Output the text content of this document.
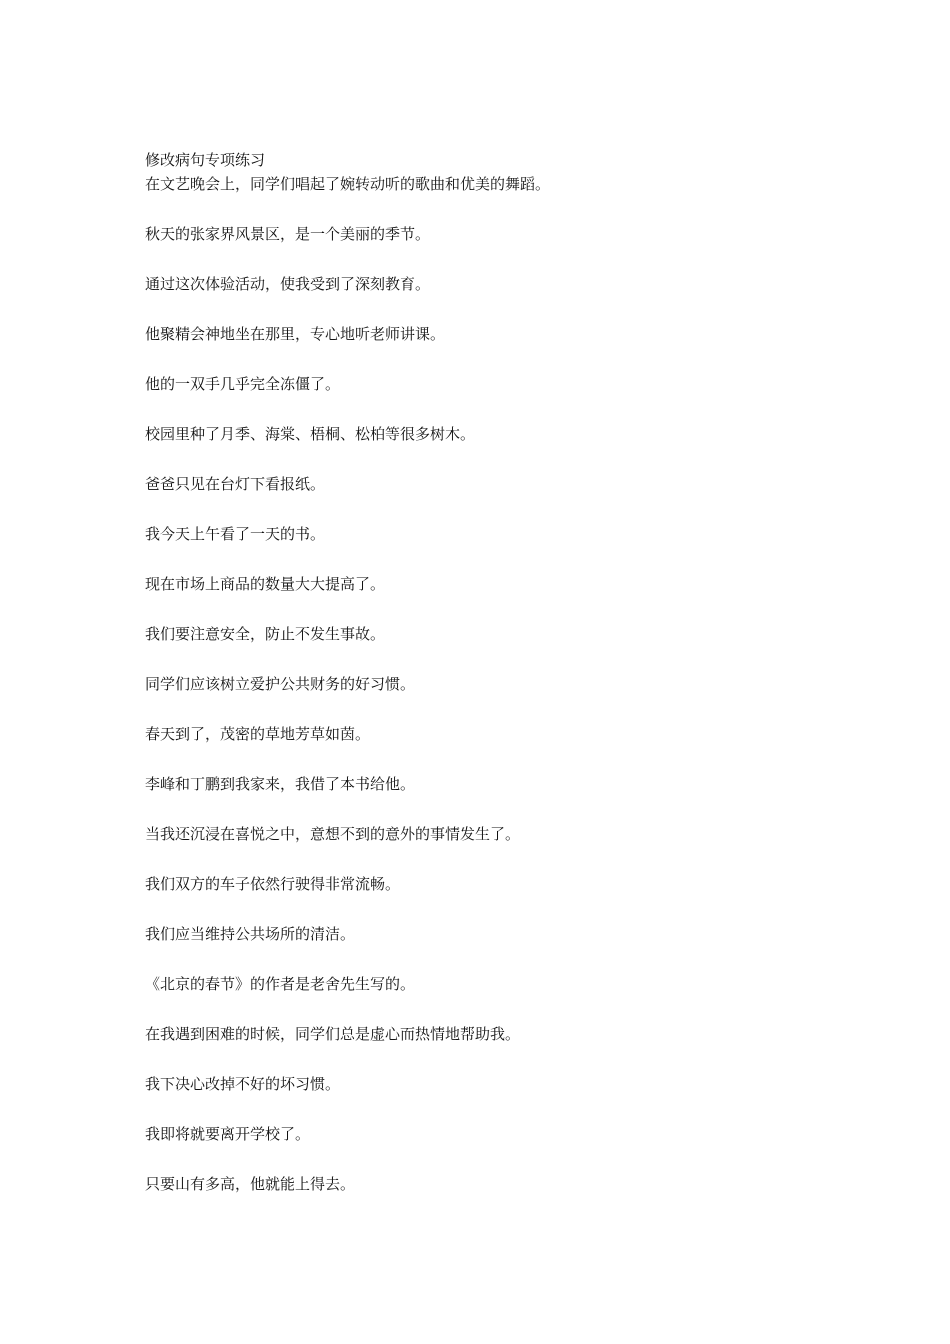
修改病句专项练习

在文艺晚会上，同学们唱起了婉转动听的歌曲和优美的舞蹈。
秋天的张家界风景区，是一个美丽的季节。
通过这次体验活动，使我受到了深刻教育。
他聚精会神地坐在那里，专心地听老师讲课。
他的一双手几乎完全冻僵了。
校园里种了月季、海棠、梧桐、松柏等很多树木。
爸爸只见在台灯下看报纸。
我今天上午看了一天的书。
现在市场上商品的数量大大提高了。
我们要注意安全，防止不发生事故。
同学们应该树立爱护公共财务的好习惯。
春天到了，茂密的草地芳草如茵。
李峰和丁鹏到我家来，我借了本书给他。
当我还沉浸在喜悦之中，意想不到的意外的事情发生了。
我们双方的车子依然行驶得非常流畅。
我们应当维持公共场所的清洁。
《北京的春节》的作者是老舍先生写的。
在我遇到困难的时候，同学们总是虚心而热情地帮助我。
我下决心改掉不好的坏习惯。
我即将就要离开学校了。
只要山有多高，他就能上得去。
